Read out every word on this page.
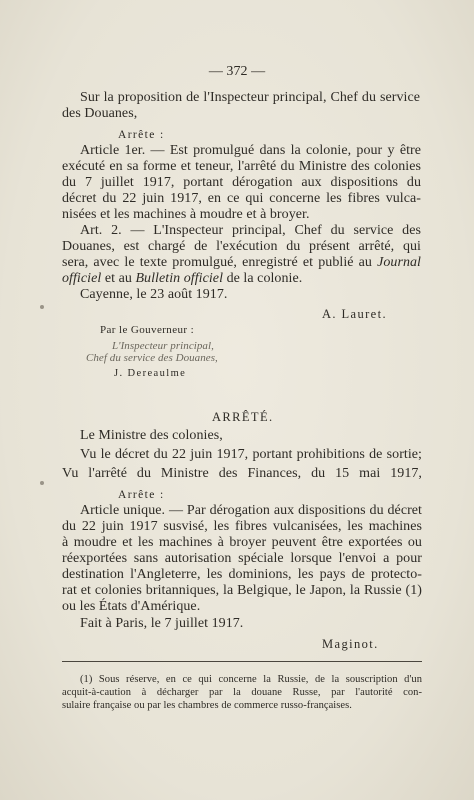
— 372 —
Sur la proposition de l'Inspecteur principal, Chef du service
des Douanes,
Arrête :
Article 1er. — Est promulgué dans la colonie, pour y être
exécuté en sa forme et teneur, l'arrêté du Ministre des colonies
du 7 juillet 1917, portant dérogation aux dispositions du
décret du 22 juin 1917, en ce qui concerne les fibres vulca-
nisées et les machines à moudre et à broyer.
Art. 2. — L'Inspecteur principal, Chef du service des
Douanes, est chargé de l'exécution du présent arrêté, qui
sera, avec le texte promulgué, enregistré et publié au Journal
officiel et au Bulletin officiel de la colonie.
Cayenne, le 23 août 1917.
A. Lauret.
Par le Gouverneur :
L'Inspecteur principal,
Chef du service des Douanes,
J. Dereaulme
ARRÊTÉ.
Le Ministre des colonies,
Vu le décret du 22 juin 1917, portant prohibitions de sortie;
Vu l'arrêté du Ministre des Finances, du 15 mai 1917,
Arrête :
Article unique. — Par dérogation aux dispositions du décret
du 22 juin 1917 susvisé, les fibres vulcanisées, les machines
à moudre et les machines à broyer peuvent être exportées ou
réexportées sans autorisation spéciale lorsque l'envoi a pour
destination l'Angleterre, les dominions, les pays de protecto-
rat et colonies britanniques, la Belgique, le Japon, la Russie (1)
ou les États d'Amérique.
Fait à Paris, le 7 juillet 1917.
Maginot.
(1) Sous réserve, en ce qui concerne la Russie, de la souscription d'un
acquit-à-caution à décharger par la douane Russe, par l'autorité con-
sulaire française ou par les chambres de commerce russo-françaises.
